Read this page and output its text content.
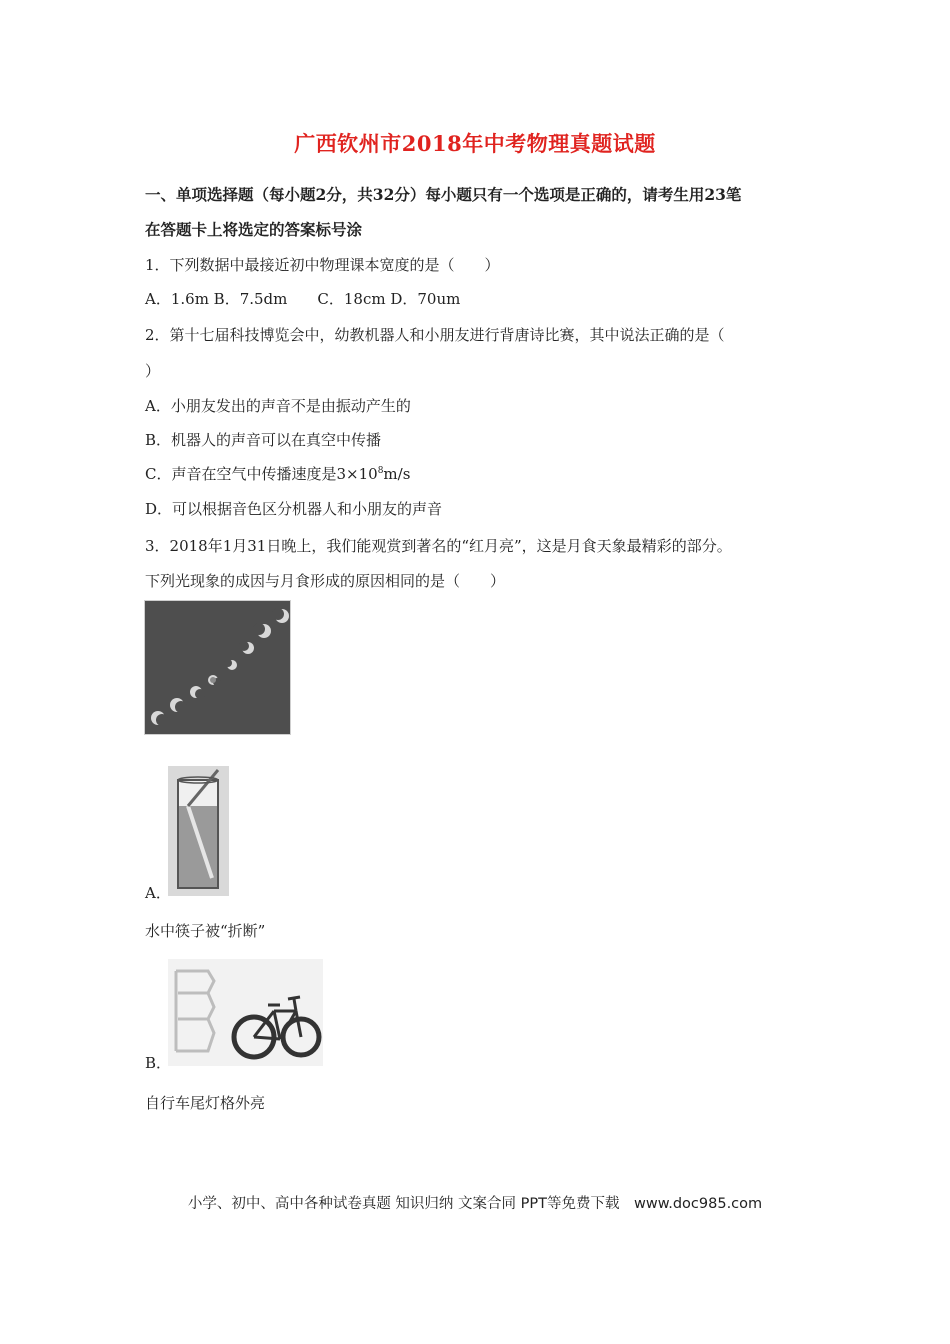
广西钦州市2018年中考物理真题试题
一、单项选择题（每小题2分，共32分）每小题只有一个选项是正确的，请考生用23笔
在答题卡上将选定的答案标号涂
1．下列数据中最接近初中物理课本宽度的是（　　）
A．1.6m B．7.5dm　　C．18cm D．70um
2．第十七届科技博览会中，幼教机器人和小朋友进行背唐诗比赛，其中说法正确的是（
）
A．小朋友发出的声音不是由振动产生的
B．机器人的声音可以在真空中传播
C．声音在空气中传播速度是$3\times 10^8m/s$
D．可以根据音色区分机器人和小朋友的声音
3．2018年1月31日晚上，我们能观赏到著名的“红月亮”，这是月食天象最精彩的部分。
下列光现象的成因与月食形成的原因相同的是（　　）
A．
水中筷子被“折断”
B．
自行车尾灯格外亮
小学、初中、高中各种试卷真题 知识归纳 文案合同 PPT等免费下载　www.doc985.com
